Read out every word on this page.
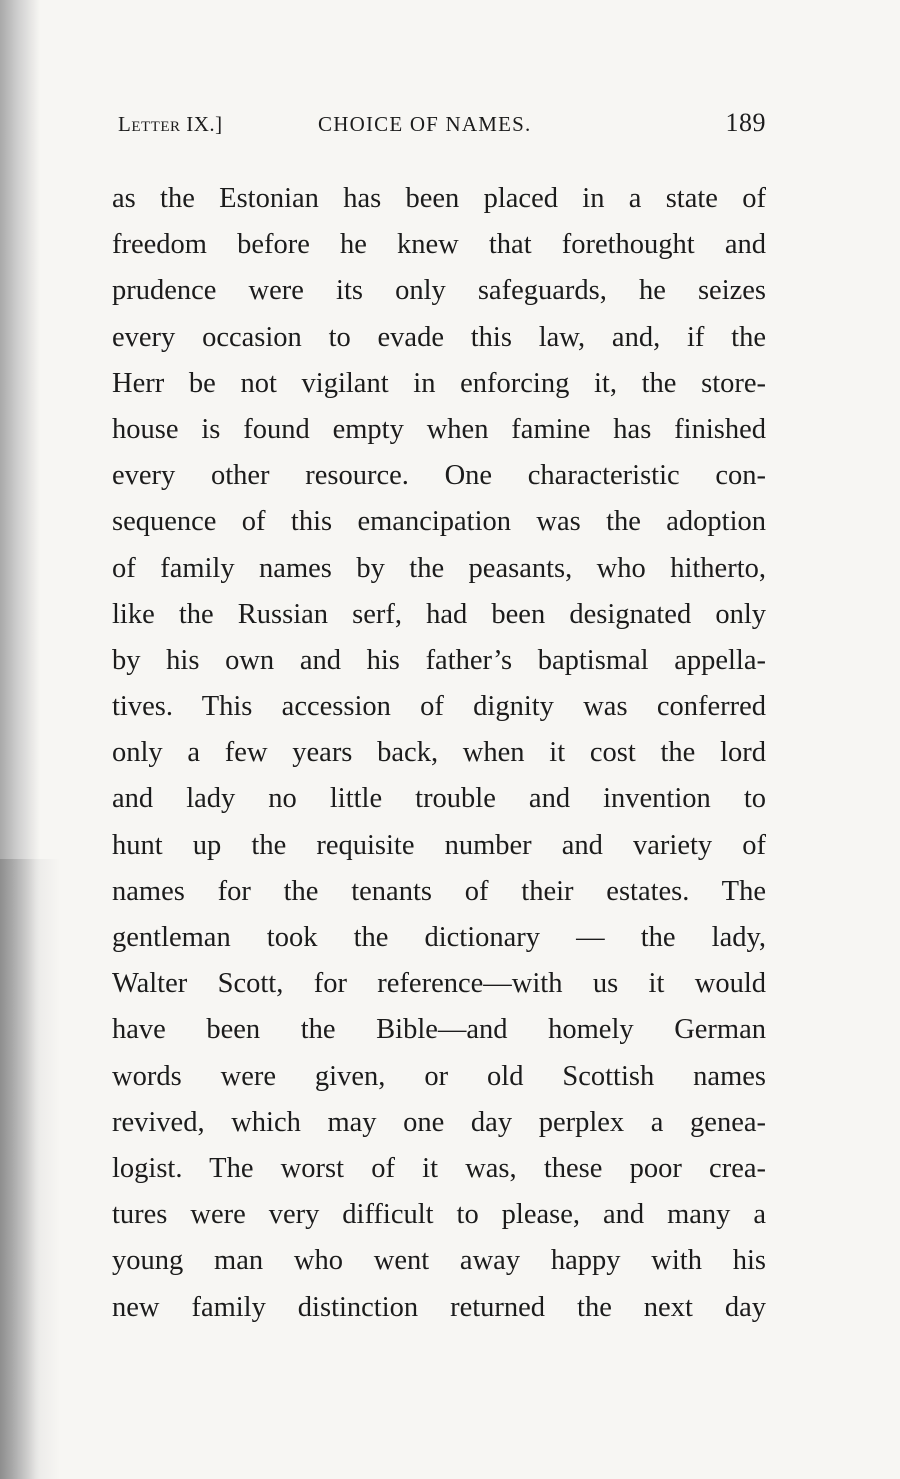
Letter IX.]	CHOICE OF NAMES.	189
as the Estonian has been placed in a state of
freedom before he knew that forethought and
prudence were its only safeguards, he seizes
every occasion to evade this law, and, if the
Herr be not vigilant in enforcing it, the store-
house is found empty when famine has finished
every other resource. One characteristic con-
sequence of this emancipation was the adoption
of family names by the peasants, who hitherto,
like the Russian serf, had been designated only
by his own and his father’s baptismal appella-
tives. This accession of dignity was conferred
only a few years back, when it cost the lord
and lady no little trouble and invention to
hunt up the requisite number and variety of
names for the tenants of their estates. The
gentleman took the dictionary — the lady,
Walter Scott, for reference—with us it would
have been the Bible—and homely German
words were given, or old Scottish names
revived, which may one day perplex a genea-
logist. The worst of it was, these poor crea-
tures were very difficult to please, and many a
young man who went away happy with his
new family distinction returned the next day
